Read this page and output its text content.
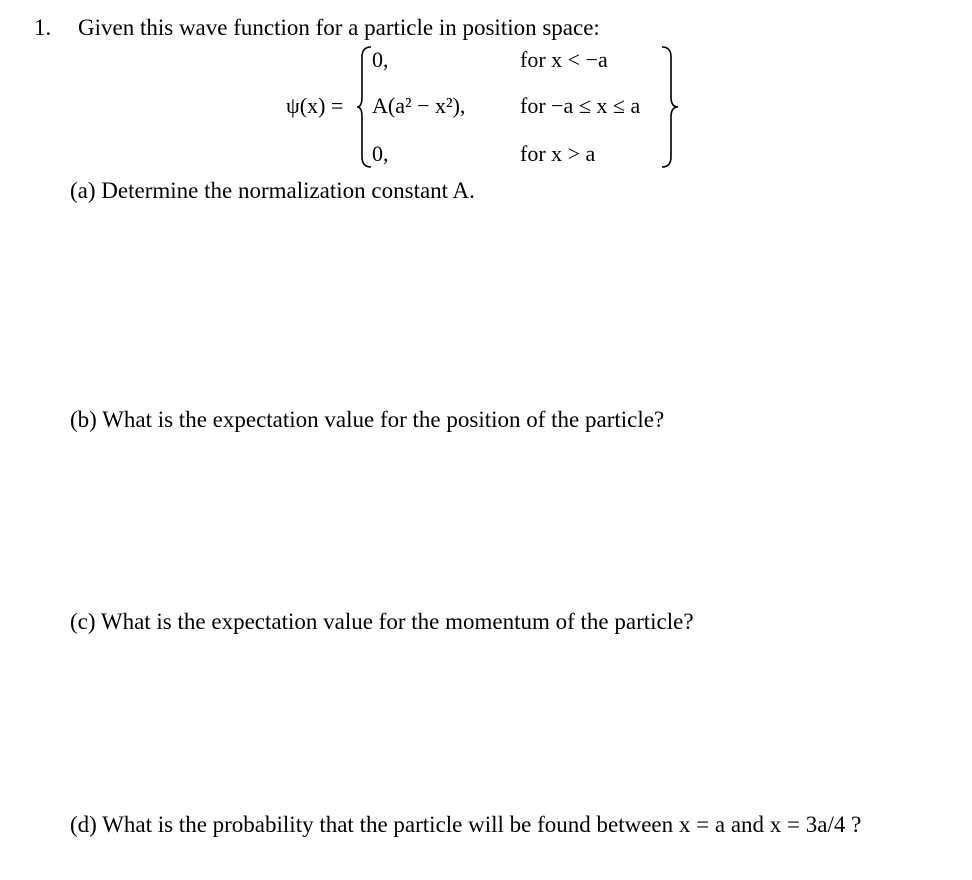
1. Given this wave function for a particle in position space:
ψ(x) =
0,	for x < −a
A(a² − x²), for −a ≤ x ≤ a
0,	for x > a
(a) Determine the normalization constant A.
(b) What is the expectation value for the position of the particle?
(c) What is the expectation value for the momentum of the particle?
(d) What is the probability that the particle will be found between x = a and x = 3a/4 ?
